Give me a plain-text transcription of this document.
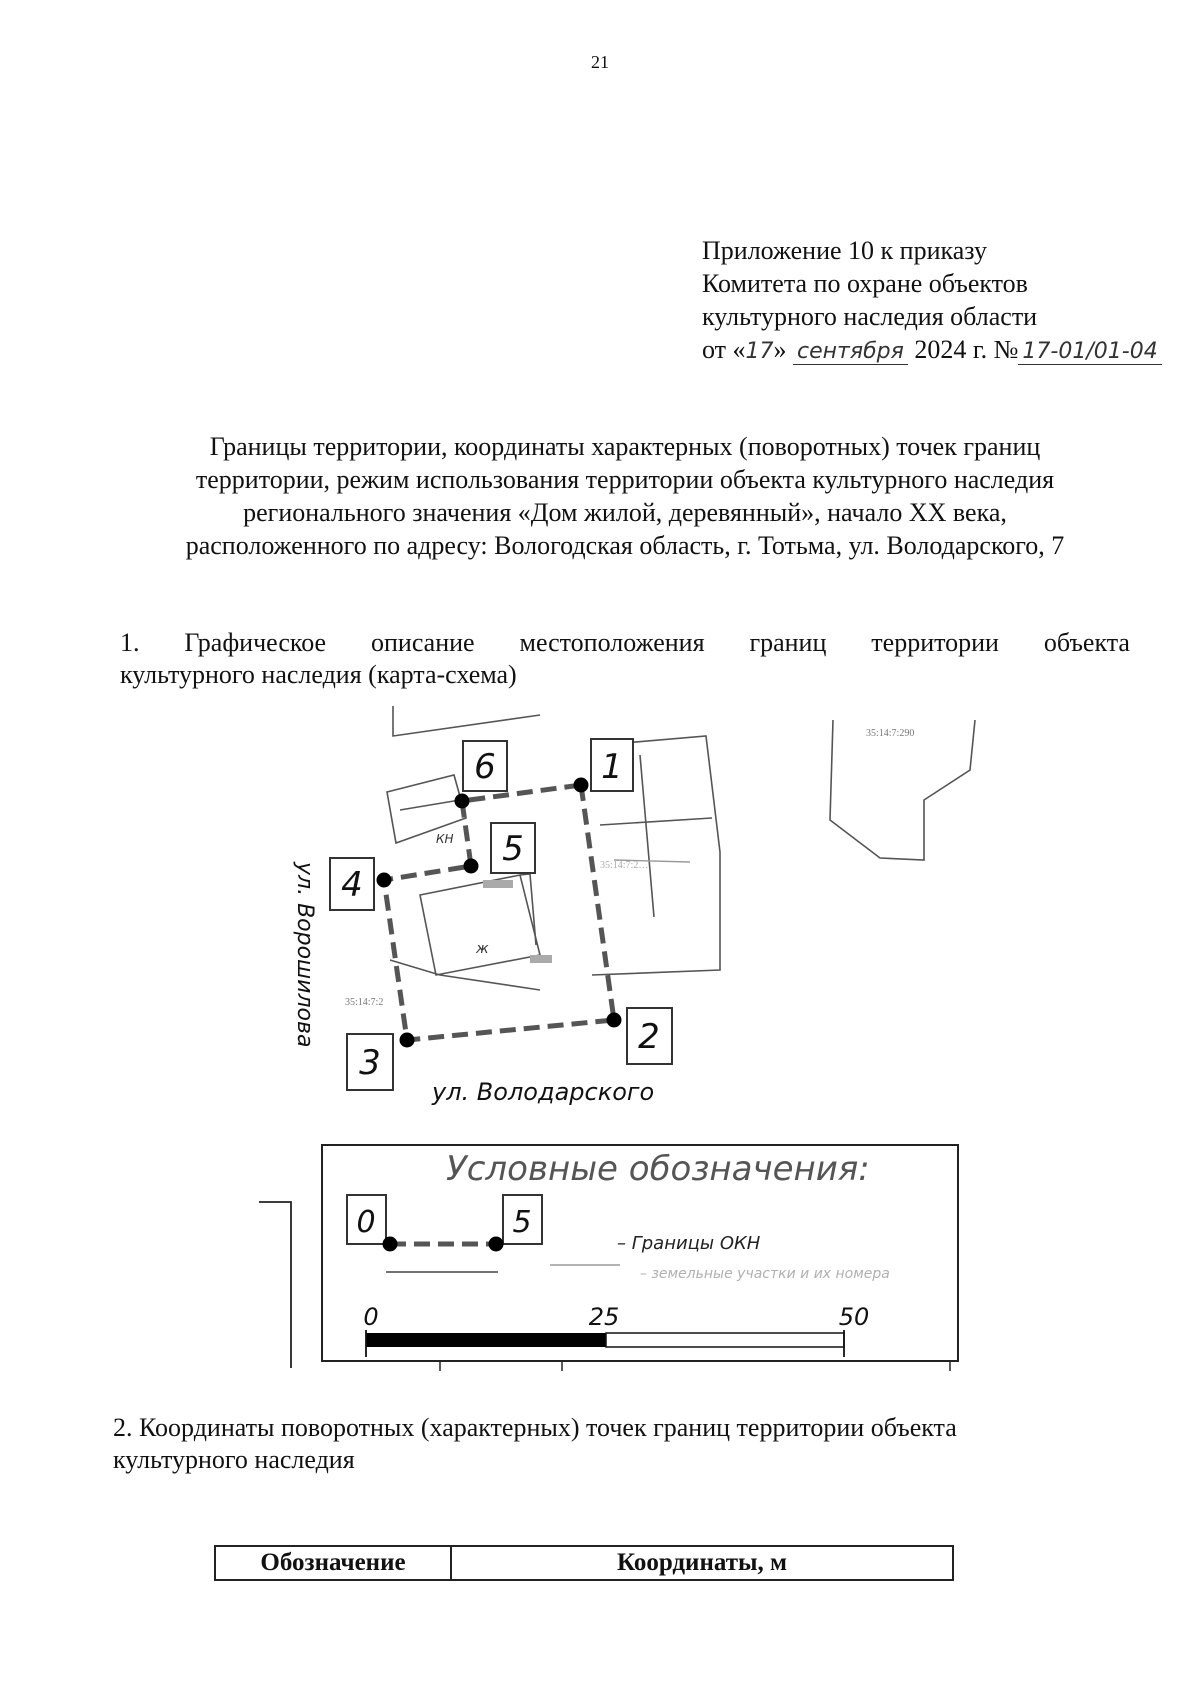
21
Приложение 10 к приказу
Комитета по охране объектов
культурного наследия области
от «17» сентября 2024 г. № 17-01/01-04
Границы территории, координаты характерных (поворотных) точек границ
территории, режим использования территории объекта культурного наследия
регионального значения «Дом жилой, деревянный», начало XX века,
расположенного по адресу: Вологодская область, г. Тотьма, ул. Володарского, 7
1. Графическое описание местоположения границ территории объекта
культурного наследия (карта-схема)
35:14:7:290
35:14:7:2
35:14:7:2…
1
2
3
4
5
6
КН
ж
ул. Ворошилова
ул. Володарского
Условные обозначения:
0	5
– Границы ОКН
– земельные участки и их номера
0	25	50
2. Координаты поворотных (характерных) точек границ территории объекта
культурного наследия
Обозначение	Координаты, м
